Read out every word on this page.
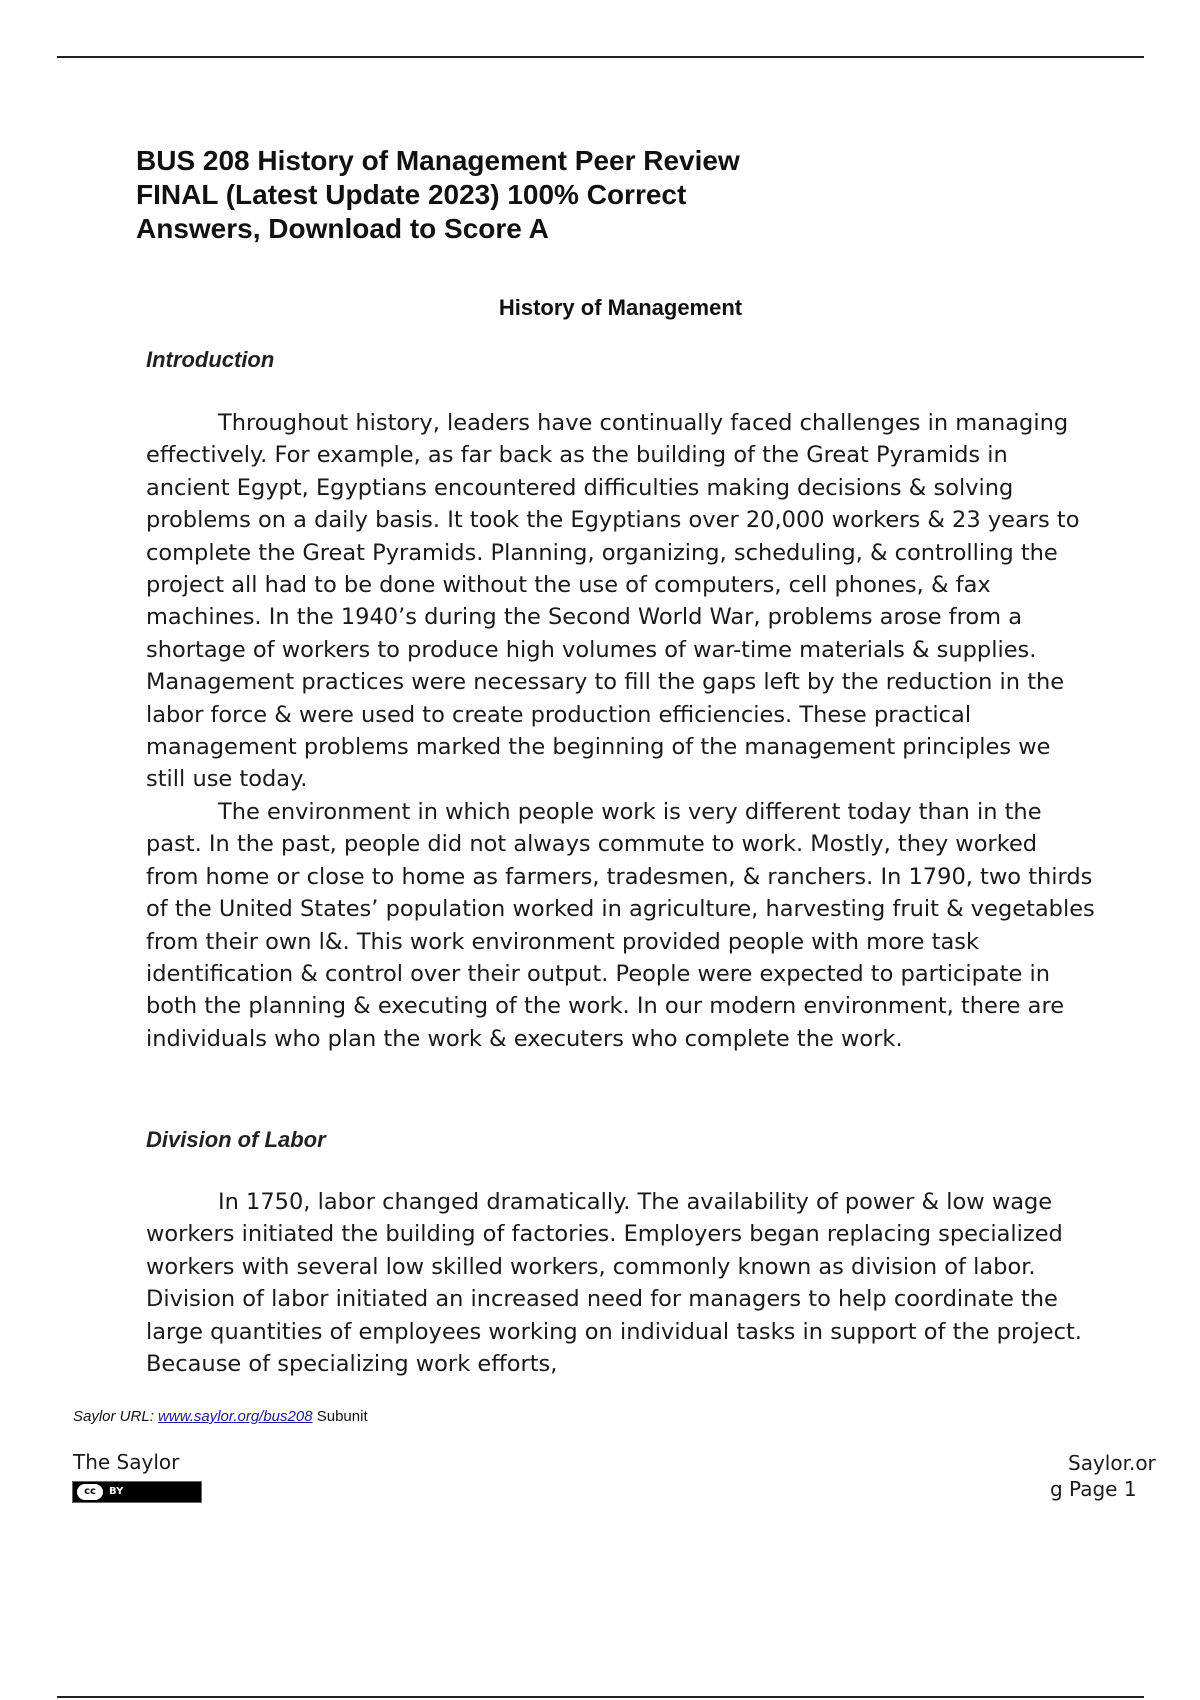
BUS 208 History of Management Peer Review FINAL (Latest Update 2023) 100% Correct Answers, Download to Score A
History of Management
Introduction

Throughout history, leaders have continually faced challenges in managing effectively. For example, as far back as the building of the Great Pyramids in ancient Egypt, Egyptians encountered difficulties making decisions & solving problems on a daily basis. It took the Egyptians over 20,000 workers & 23 years to complete the Great Pyramids. Planning, organizing, scheduling, & controlling the project all had to be done without the use of computers, cell phones, & fax machines. In the 1940’s during the Second World War, problems arose from a shortage of workers to produce high volumes of war-time materials & supplies. Management practices were necessary to fill the gaps left by the reduction in the labor force & were used to create production efficiencies. These practical management problems marked the beginning of the management principles we still use today.

The environment in which people work is very different today than in the past. In the past, people did not always commute to work. Mostly, they worked from home or close to home as farmers, tradesmen, & ranchers. In 1790, two thirds of the United States’ population worked in agriculture, harvesting fruit & vegetables from their own l&. This work environment provided people with more task identification & control over their output. People were expected to participate in both the planning & executing of the work. In our modern environment, there are individuals who plan the work & executers who complete the work.

Division of Labor

In 1750, labor changed dramatically. The availability of power & low wage workers initiated the building of factories. Employers began replacing specialized workers with several low skilled workers, commonly known as division of labor. Division of labor initiated an increased need for managers to help coordinate the large quantities of employees working on individual tasks in support of the project. Because of specializing work efforts,

Saylor URL: www.saylor.org/bus208 Subunit
The Saylor
cc	BY
Saylor.or
g Page 1
